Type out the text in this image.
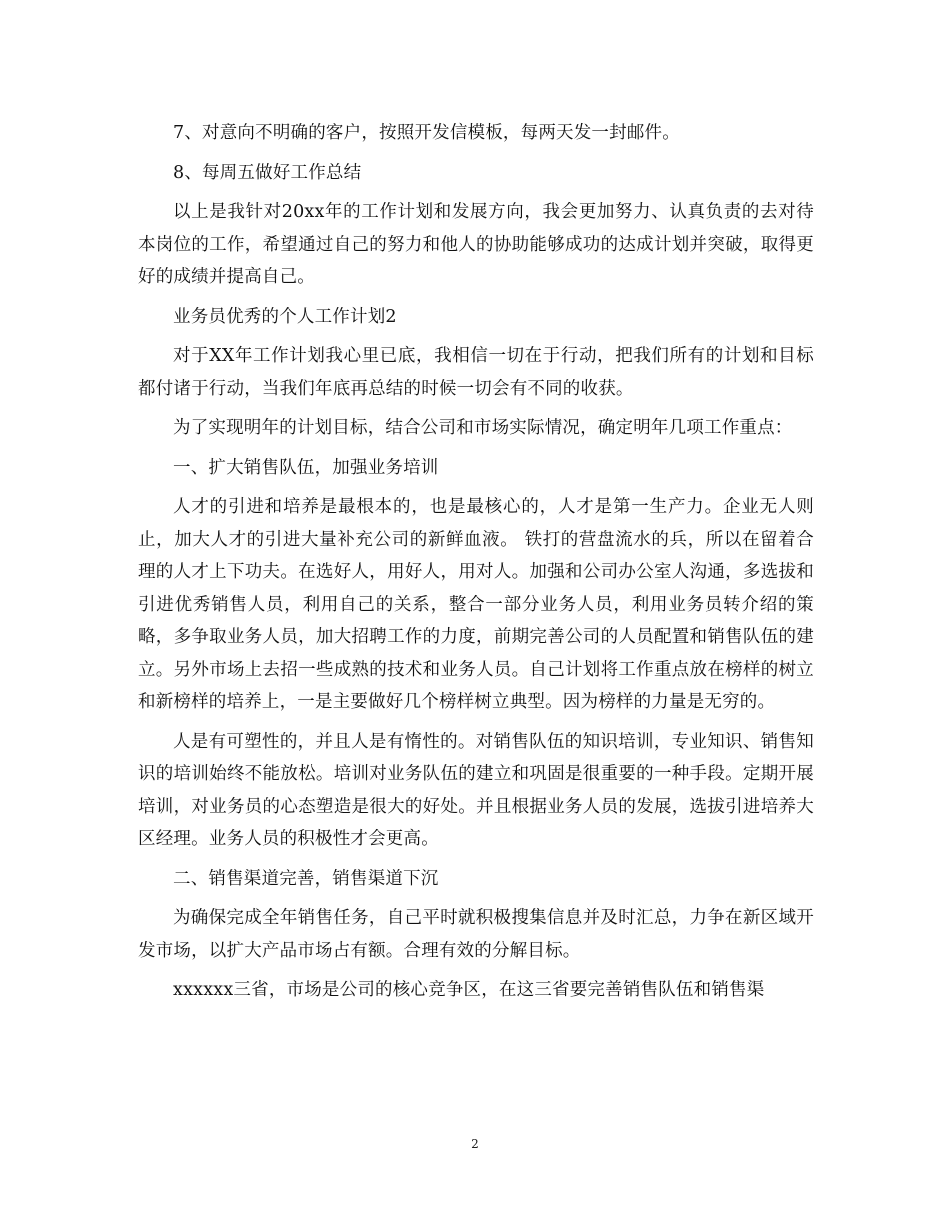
7、对意向不明确的客户，按照开发信模板，每两天发一封邮件。

8、每周五做好工作总结

以上是我针对20xx年的工作计划和发展方向，我会更加努力、认真负责的去对待本岗位的工作，希望通过自己的努力和他人的协助能够成功的达成计划并突破，取得更好的成绩并提高自己。

业务员优秀的个人工作计划2

对于XX年工作计划我心里已底，我相信一切在于行动，把我们所有的计划和目标都付诸于行动，当我们年底再总结的时候一切会有不同的收获。

为了实现明年的计划目标，结合公司和市场实际情况，确定明年几项工作重点：

一、扩大销售队伍，加强业务培训

人才的引进和培养是最根本的，也是最核心的，人才是第一生产力。企业无人则止，加大人才的引进大量补充公司的新鲜血液。 铁打的营盘流水的兵，所以在留着合理的人才上下功夫。在选好人，用好人，用对人。加强和公司办公室人沟通，多选拔和引进优秀销售人员，利用自己的关系，整合一部分业务人员，利用业务员转介绍的策略，多争取业务人员，加大招聘工作的力度，前期完善公司的人员配置和销售队伍的建立。另外市场上去招一些成熟的技术和业务人员。自己计划将工作重点放在榜样的树立和新榜样的培养上，一是主要做好几个榜样树立典型。因为榜样的力量是无穷的。

人是有可塑性的，并且人是有惰性的。对销售队伍的知识培训，专业知识、销售知识的培训始终不能放松。培训对业务队伍的建立和巩固是很重要的一种手段。定期开展培训，对业务员的心态塑造是很大的好处。并且根据业务人员的发展，选拔引进培养大区经理。业务人员的积极性才会更高。

二、销售渠道完善，销售渠道下沉

为确保完成全年销售任务，自己平时就积极搜集信息并及时汇总，力争在新区域开发市场，以扩大产品市场占有额。合理有效的分解目标。

xxxxxx三省，市场是公司的核心竞争区，在这三省要完善销售队伍和销售渠

2
